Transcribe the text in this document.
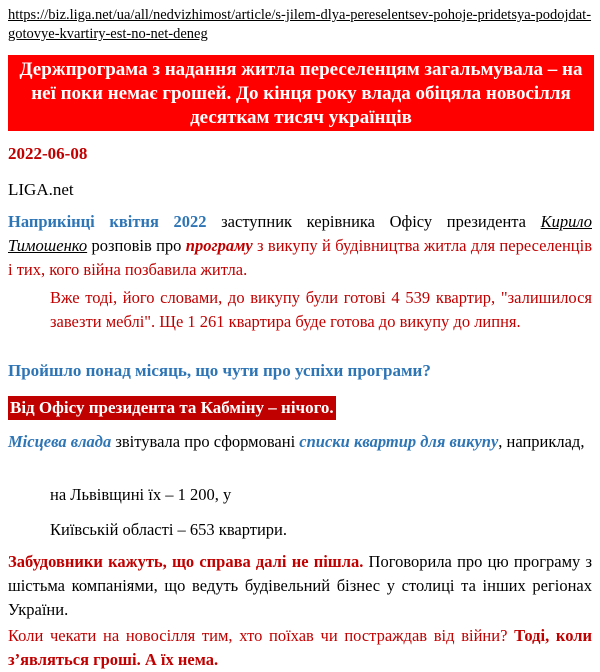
https://biz.liga.net/ua/all/nedvizhimost/article/s-jilem-dlya-pereselentsev-pohoje-pridetsya-podojdat-gotovye-kvartiry-est-no-net-deneg
Держпрограма з надання житла переселенцям загальмувала – на неї поки немає грошей. До кінця року влада обіцяла новосілля десяткам тисяч українців
2022-06-08
LIGA.net
Наприкінці квітня 2022 заступник керівника Офісу президента Кирило Тимошенко розповів про програму з викупу й будівництва житла для переселенців і тих, кого війна позбавила житла.
Вже тоді, його словами, до викупу були готові 4 539 квартир, "залишилося завезти меблі". Ще 1 261 квартира буде готова до викупу до липня.
Пройшло понад місяць, що чути про успіхи програми?
Від Офісу президента та Кабміну – нічого.
Місцева влада звітувала про сформовані списки квартир для викупу, наприклад,
на Львівщині їх – 1 200, у
Київській області – 653 квартири.
Забудовники кажуть, що справа далі не пішла. Поговорила про цю програму з шістьма компаніями, що ведуть будівельний бізнес у столиці та інших регіонах України.
Коли чекати на новосілля тим, хто поїхав чи постраждав від війни? Тоді, коли з’являться гроші. А їх нема.
